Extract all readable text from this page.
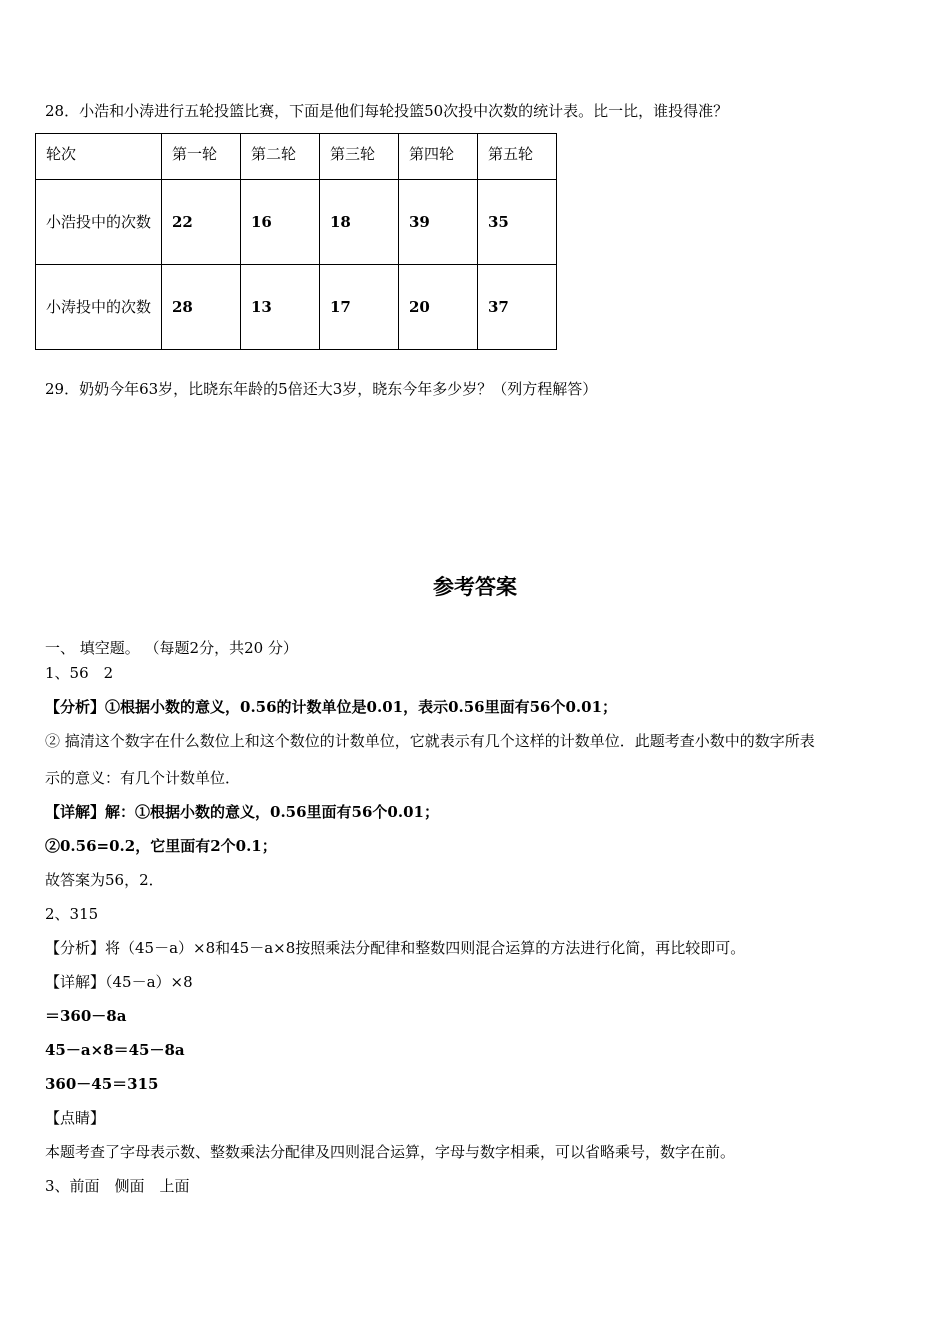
28．小浩和小涛进行五轮投篮比赛，下面是他们每轮投篮50次投中次数的统计表。比一比，谁投得准？
轮次	第一轮	第二轮	第三轮	第四轮	第五轮
小浩投中的次数	22	16	18	39	35
小涛投中的次数	28	13	17	20	37
29．奶奶今年63岁，比晓东年龄的5倍还大3岁，晓东今年多少岁？（列方程解答）
参考答案
一、 填空题。 （每题2分，共20 分）
1、56　2
【分析】①根据小数的意义，0.56的计数单位是0.01，表示0.56里面有56个0.01；
② 搞清这个数字在什么数位上和这个数位的计数单位，它就表示有几个这样的计数单位．此题考查小数中的数字所表
示的意义：有几个计数单位．
【详解】解：①根据小数的意义，0.56里面有56个0.01；
②0.56=0.2，它里面有2个0.1；
故答案为56，2．
2、315
【分析】将（45－a）×8和45－a×8按照乘法分配律和整数四则混合运算的方法进行化简，再比较即可。
【详解】（45－a）×8
＝360－8a
45－a×8＝45－8a
360－45＝315
【点睛】
本题考查了字母表示数、整数乘法分配律及四则混合运算，字母与数字相乘，可以省略乘号，数字在前。
3、前面　侧面　上面
